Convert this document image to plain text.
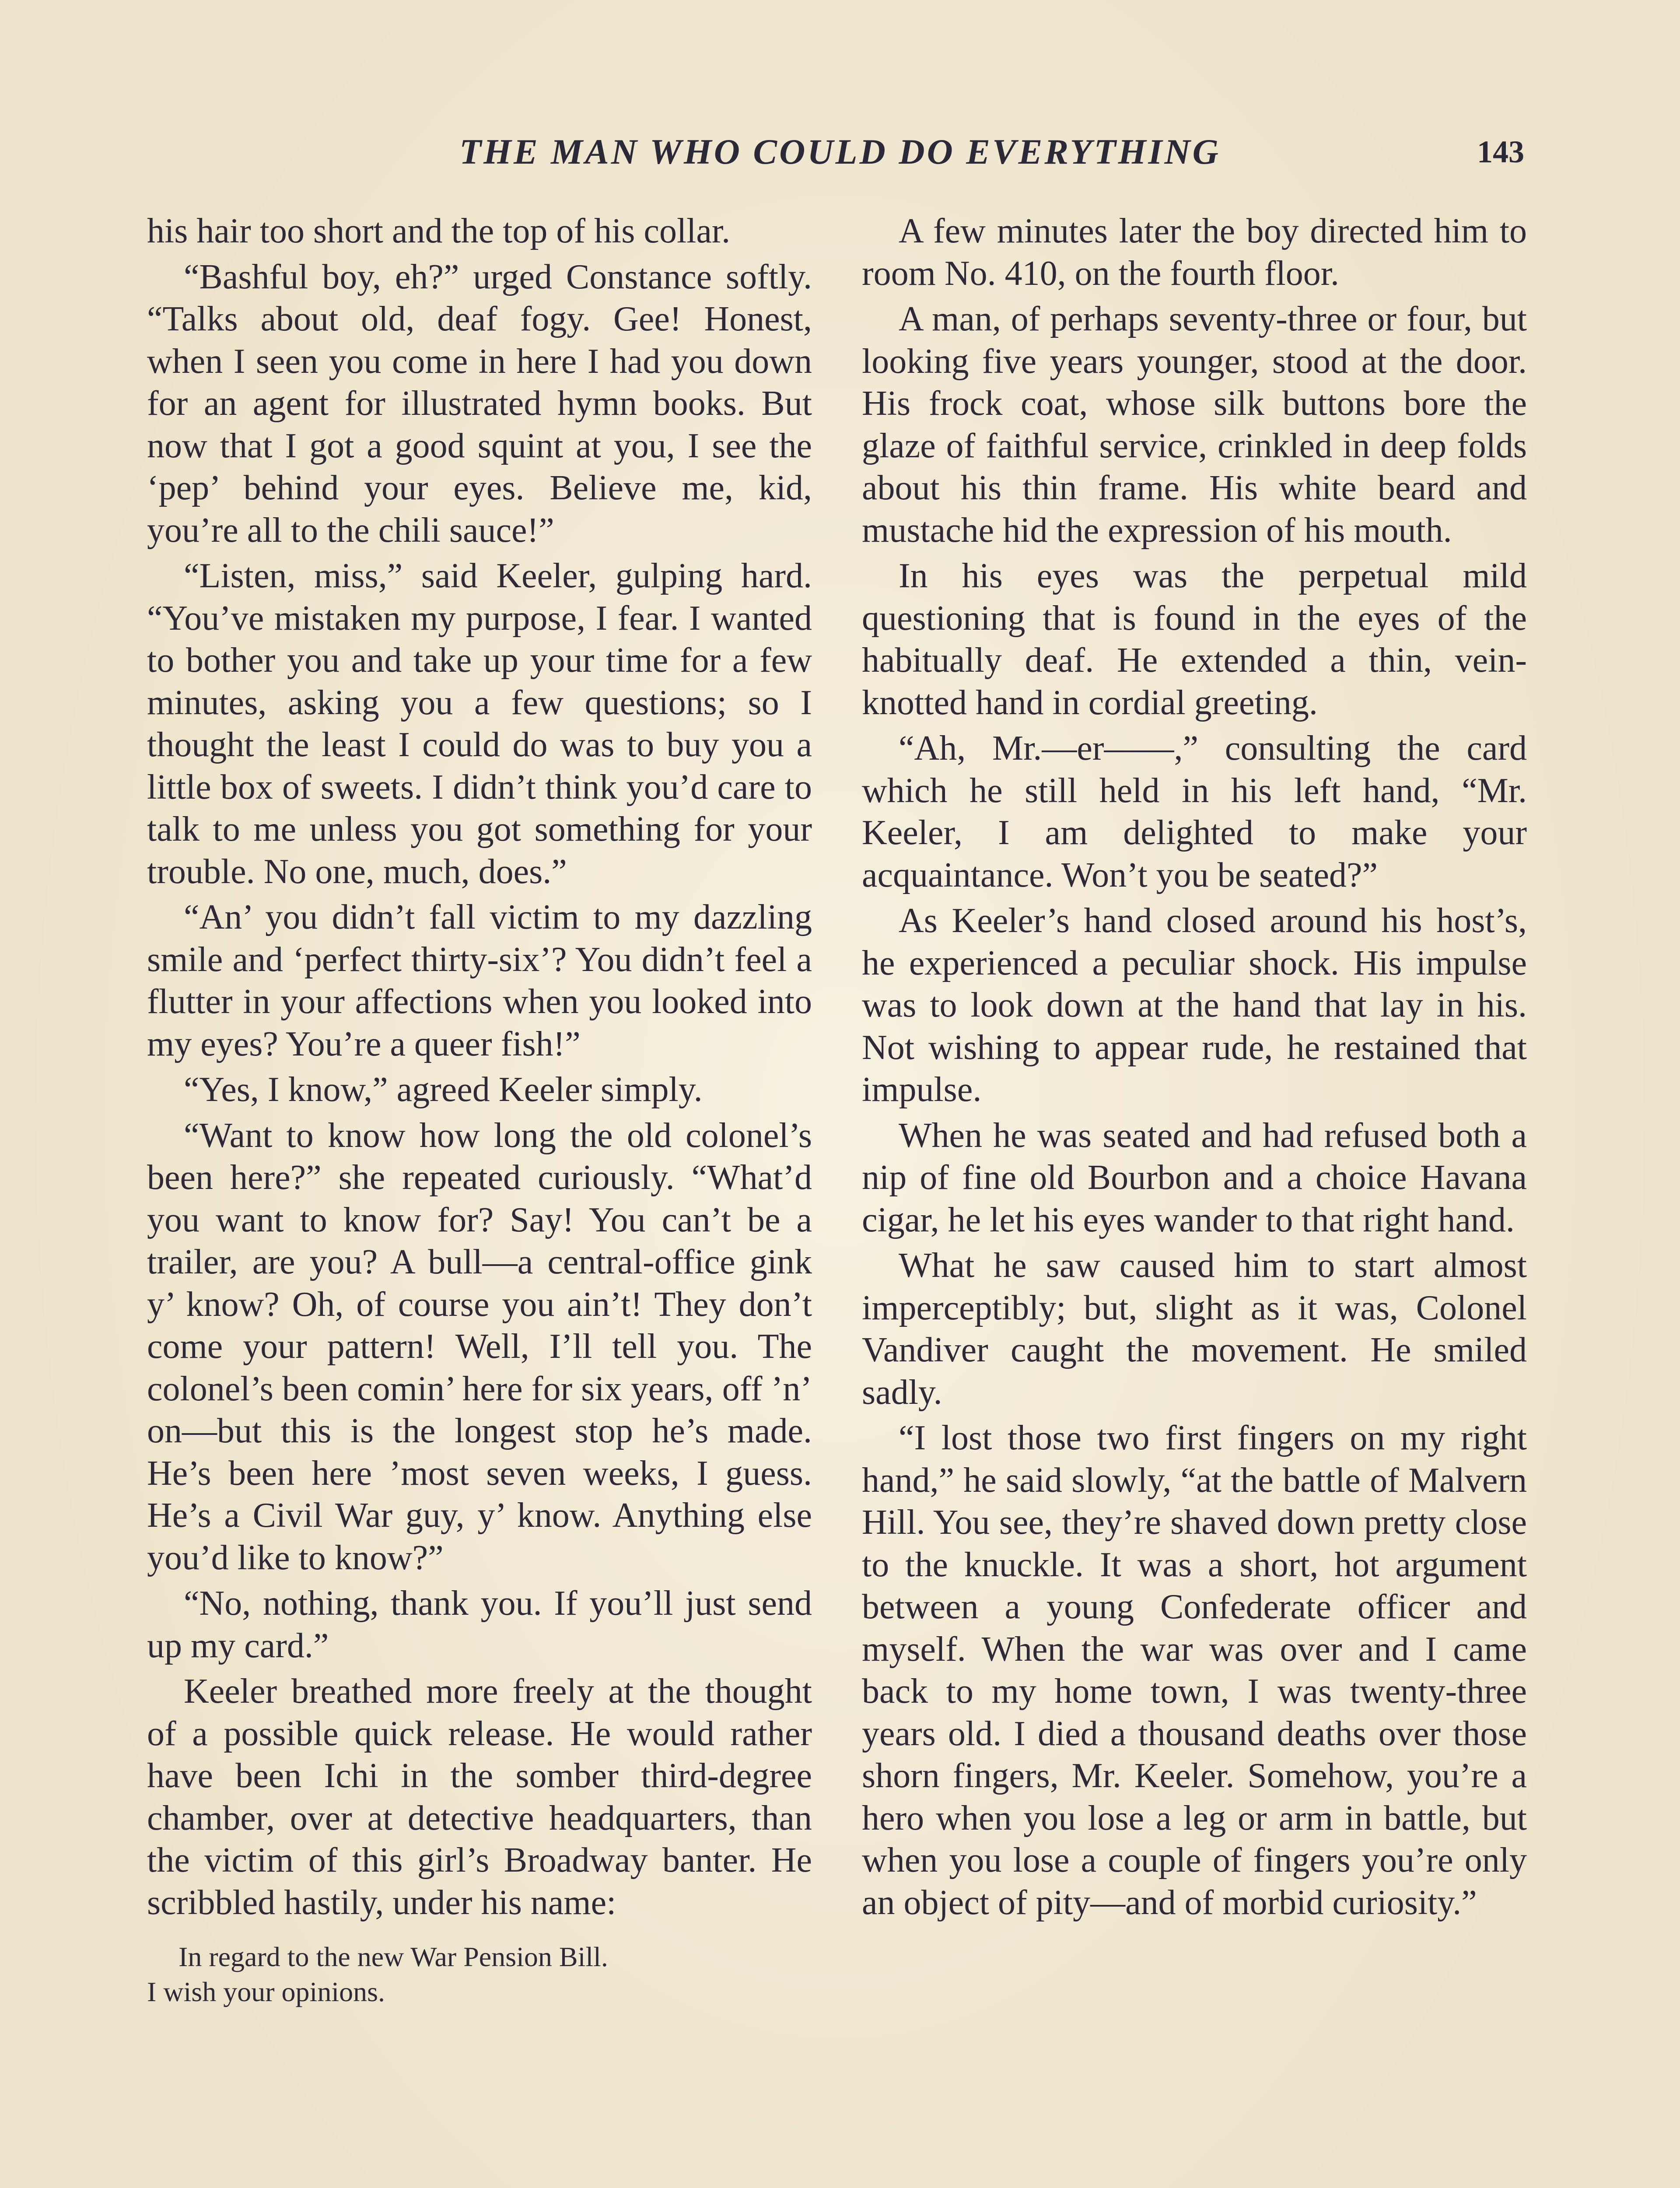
THE MAN WHO COULD DO EVERYTHING	143

his hair too short and the top of his collar.

“Bashful boy, eh?” urged Constance softly. “Talks about old, deaf fogy. Gee! Honest, when I seen you come in here I had you down for an agent for illustrated hymn books. But now that I got a good squint at you, I see the ‘pep’ behind your eyes. Believe me, kid, you’re all to the chili sauce!”

“Listen, miss,” said Keeler, gulping hard. “You’ve mistaken my purpose, I fear. I wanted to bother you and take up your time for a few minutes, asking you a few questions; so I thought the least I could do was to buy you a little box of sweets. I didn’t think you’d care to talk to me unless you got something for your trouble. No one, much, does.”

“An’ you didn’t fall victim to my dazzling smile and ‘perfect thirty-six’? You didn’t feel a flutter in your affections when you looked into my eyes? You’re a queer fish!”

“Yes, I know,” agreed Keeler simply.

“Want to know how long the old colonel’s been here?” she repeated curiously. “What’d you want to know for? Say! You can’t be a trailer, are you? A bull—a central-office gink y’ know? Oh, of course you ain’t! They don’t come your pattern! Well, I’ll tell you. The colonel’s been comin’ here for six years, off ’n’ on—but this is the longest stop he’s made. He’s been here ’most seven weeks, I guess. He’s a Civil War guy, y’ know. Anything else you’d like to know?”

“No, nothing, thank you. If you’ll just send up my card.”

Keeler breathed more freely at the thought of a possible quick release. He would rather have been Ichi in the somber third-degree chamber, over at detective headquarters, than the victim of this girl’s Broadway banter. He scribbled hastily, under his name:

In regard to the new War Pension Bill.
I wish your opinions.

A few minutes later the boy directed him to room No. 410, on the fourth floor.

A man, of perhaps seventy-three or four, but looking five years younger, stood at the door. His frock coat, whose silk buttons bore the glaze of faithful service, crinkled in deep folds about his thin frame. His white beard and mustache hid the expression of his mouth.

In his eyes was the perpetual mild questioning that is found in the eyes of the habitually deaf. He extended a thin, vein-knotted hand in cordial greeting.

“Ah, Mr.—er——,” consulting the card which he still held in his left hand, “Mr. Keeler, I am delighted to make your acquaintance. Won’t you be seated?”

As Keeler’s hand closed around his host’s, he experienced a peculiar shock. His impulse was to look down at the hand that lay in his. Not wishing to appear rude, he restained that impulse.

When he was seated and had refused both a nip of fine old Bourbon and a choice Havana cigar, he let his eyes wander to that right hand.

What he saw caused him to start almost imperceptibly; but, slight as it was, Colonel Vandiver caught the movement. He smiled sadly.

“I lost those two first fingers on my right hand,” he said slowly, “at the battle of Malvern Hill. You see, they’re shaved down pretty close to the knuckle. It was a short, hot argument between a young Confederate officer and myself. When the war was over and I came back to my home town, I was twenty-three years old. I died a thousand deaths over those shorn fingers, Mr. Keeler. Somehow, you’re a hero when you lose a leg or arm in battle, but when you lose a couple of fingers you’re only an object of pity—and of morbid curiosity.”
